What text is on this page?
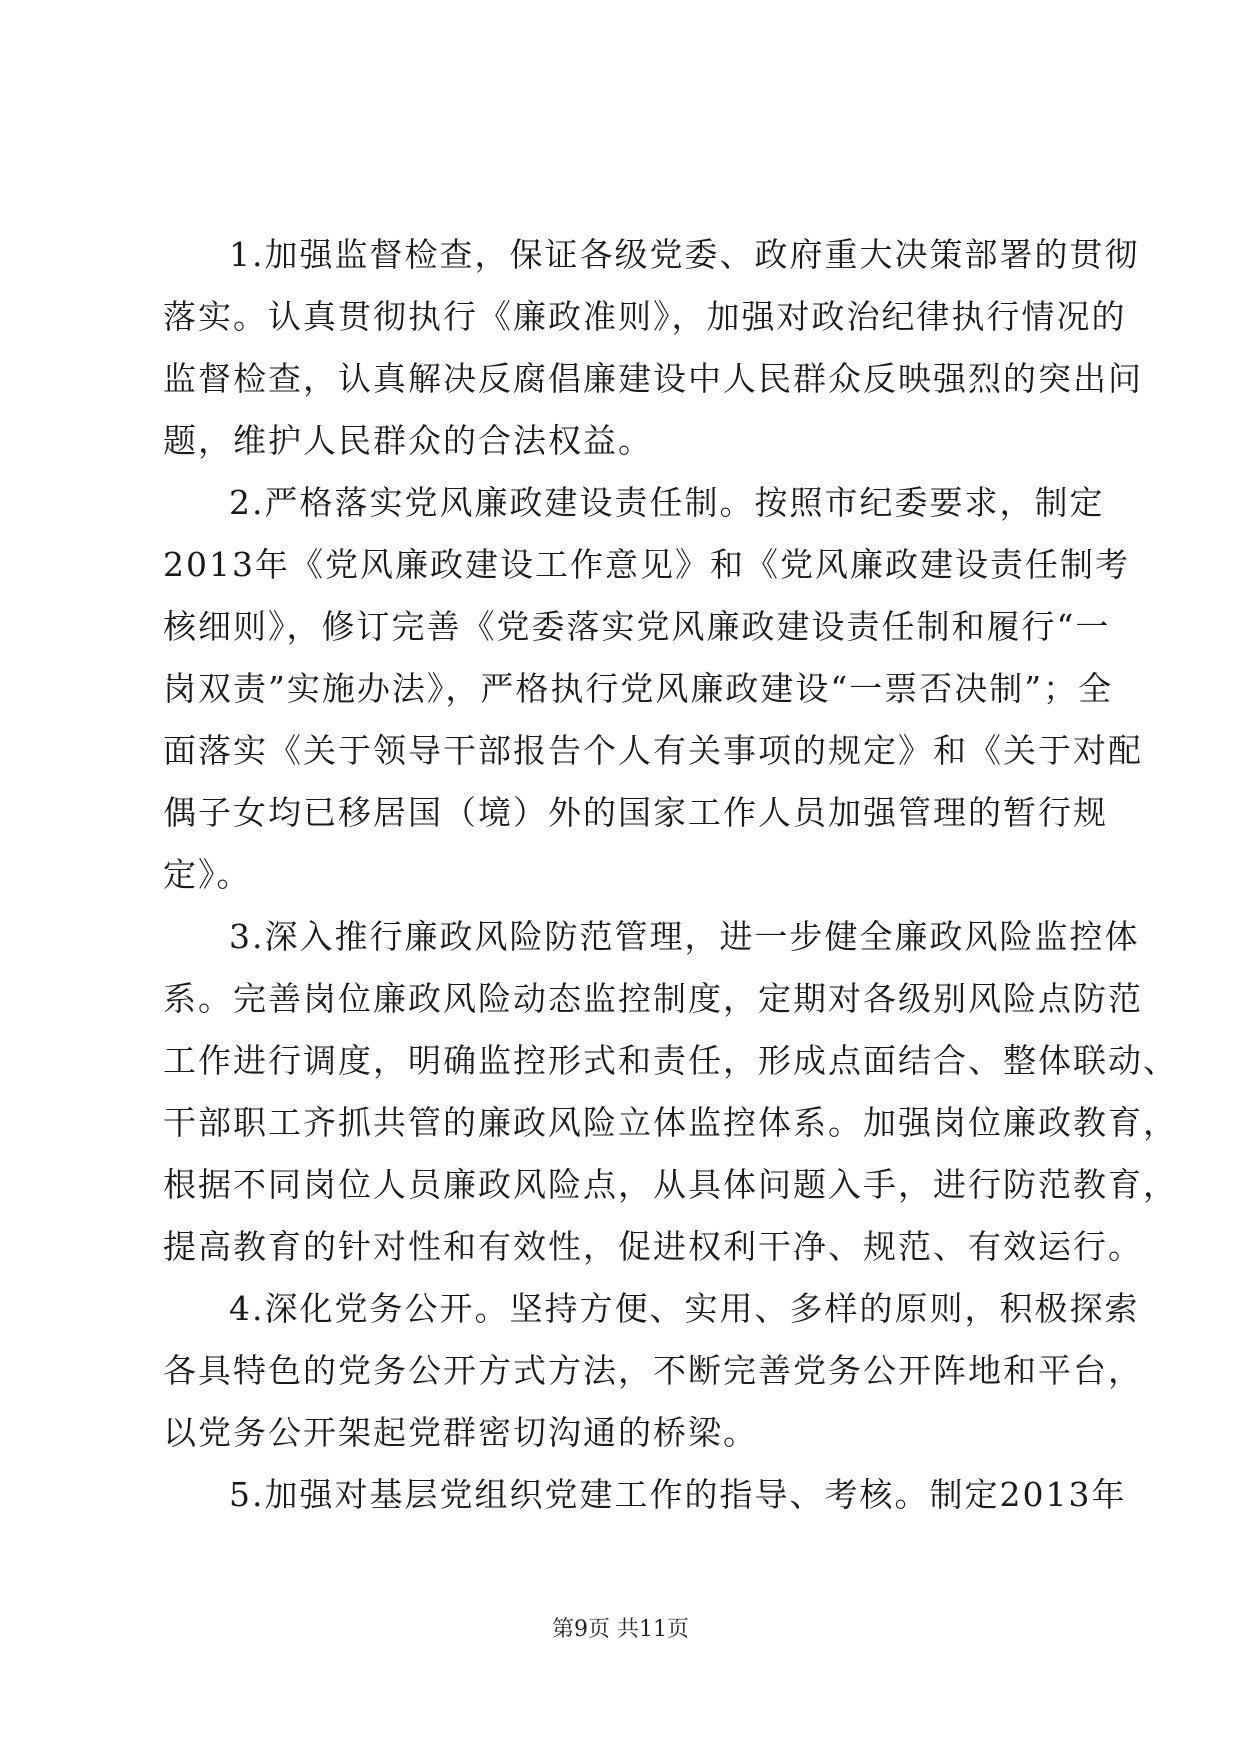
1.加强监督检查，保证各级党委、政府重大决策部署的贯彻
落实。认真贯彻执行《廉政准则》，加强对政治纪律执行情况的
监督检查，认真解决反腐倡廉建设中人民群众反映强烈的突出问
题，维护人民群众的合法权益。

2.严格落实党风廉政建设责任制。按照市纪委要求，制定
2013年《党风廉政建设工作意见》和《党风廉政建设责任制考
核细则》，修订完善《党委落实党风廉政建设责任制和履行“一
岗双责”实施办法》，严格执行党风廉政建设“一票否决制”；全
面落实《关于领导干部报告个人有关事项的规定》和《关于对配
偶子女均已移居国（境）外的国家工作人员加强管理的暂行规
定》。

3.深入推行廉政风险防范管理，进一步健全廉政风险监控体
系。完善岗位廉政风险动态监控制度，定期对各级别风险点防范
工作进行调度，明确监控形式和责任，形成点面结合、整体联动、
干部职工齐抓共管的廉政风险立体监控体系。加强岗位廉政教育，
根据不同岗位人员廉政风险点，从具体问题入手，进行防范教育，
提高教育的针对性和有效性，促进权利干净、规范、有效运行。

4.深化党务公开。坚持方便、实用、多样的原则，积极探索
各具特色的党务公开方式方法，不断完善党务公开阵地和平台，
以党务公开架起党群密切沟通的桥梁。

5.加强对基层党组织党建工作的指导、考核。制定2013年

第9页 共11页
